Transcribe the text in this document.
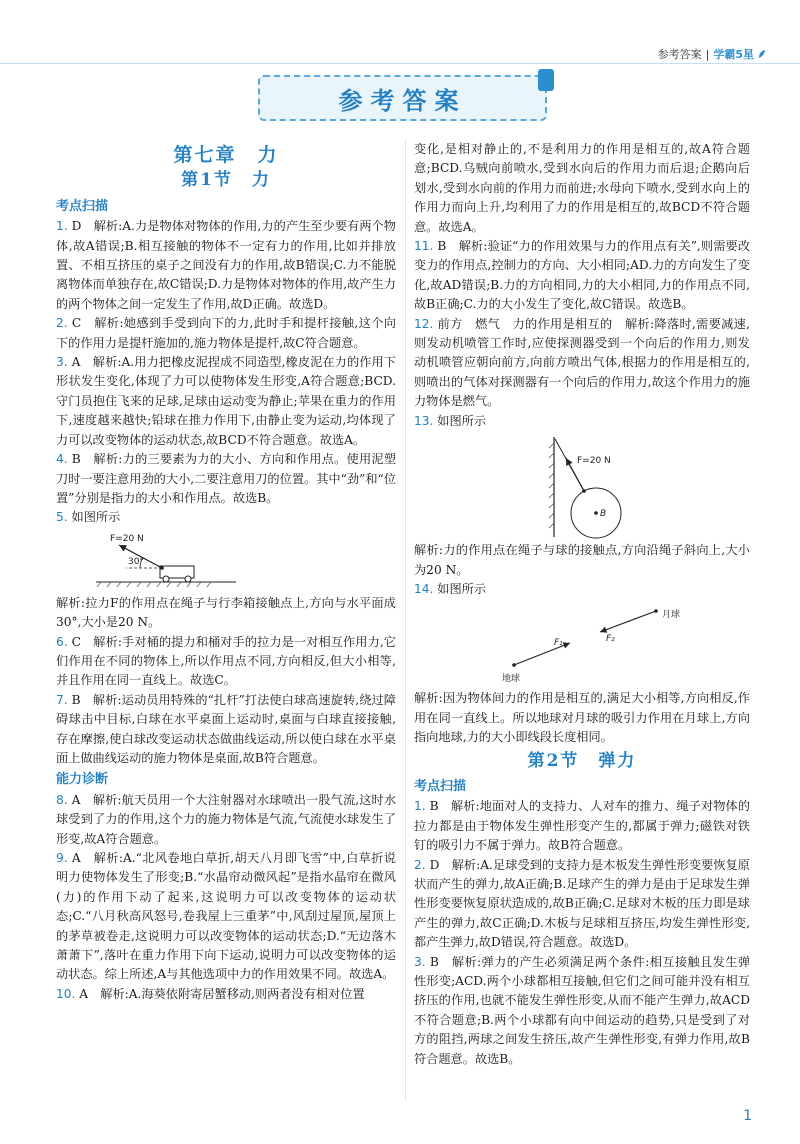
参考答案 | 学霸5星
参考答案
第七章　力
第1节　力
考点扫描

1. D　解析:A.力是物体对物体的作用,力的产生至少要有两个物体,故A错误;B.相互接触的物体不一定有力的作用,比如并排放置、不相互挤压的桌子之间没有力的作用,故B错误;C.力不能脱离物体而单独存在,故C错误;D.力是物体对物体的作用,故产生力的两个物体之间一定发生了作用,故D正确。故选D。

2. C　解析:她感到手受到向下的力,此时手和提杆接触,这个向下的作用力是提杆施加的,施力物体是提杆,故C符合题意。

3. A　解析:A.用力把橡皮泥捏成不同造型,橡皮泥在力的作用下形状发生变化,体现了力可以使物体发生形变,A符合题意;BCD.守门员抱住飞来的足球,足球由运动变为静止;苹果在重力的作用下,速度越来越快;铅球在推力作用下,由静止变为运动,均体现了力可以改变物体的运动状态,故BCD不符合题意。故选A。

4. B　解析:力的三要素为力的大小、方向和作用点。使用泥塑刀时一要注意用劲的大小,二要注意用刀的位置。其中“劲”和“位置”分别是指力的大小和作用点。故选B。

5. 如图所示

F=20 N
30°

解析:拉力F的作用点在绳子与行李箱接触点上,方向与水平面成30°,大小是20 N。

6. C　解析:手对桶的提力和桶对手的拉力是一对相互作用力,它们作用在不同的物体上,所以作用点不同,方向相反,但大小相等,并且作用在同一直线上。故选C。

7. B　解析:运动员用特殊的“扎杆”打法使白球高速旋转,绕过障碍球击中目标,白球在水平桌面上运动时,桌面与白球直接接触,存在摩擦,使白球改变运动状态做曲线运动,所以使白球在水平桌面上做曲线运动的施力物体是桌面,故B符合题意。

能力诊断

8. A　解析:航天员用一个大注射器对水球喷出一股气流,这时水球受到了力的作用,这个力的施力物体是气流,气流使水球发生了形变,故A符合题意。

9. A　解析:A.“北风卷地白草折,胡天八月即飞雪”中,白草折说明力使物体发生了形变;B.“水晶帘动微风起”是指水晶帘在微风(力)的作用下动了起来,这说明力可以改变物体的运动状态;C.“八月秋高风怒号,卷我屋上三重茅”中,风刮过屋顶,屋顶上的茅草被卷走,这说明力可以改变物体的运动状态;D.“无边落木萧萧下”,落叶在重力作用下向下运动,说明力可以改变物体的运动状态。综上所述,A与其他选项中力的作用效果不同。故选A。

10. A　解析:A.海葵依附寄居蟹移动,则两者没有相对位置

变化,是相对静止的,不是利用力的作用是相互的,故A符合题意;BCD.乌贼向前喷水,受到水向后的作用力而后退;企鹅向后划水,受到水向前的作用力而前进;水母向下喷水,受到水向上的作用力而向上升,均利用了力的作用是相互的,故BCD不符合题意。故选A。

11. B　解析:验证“力的作用效果与力的作用点有关”,则需要改变力的作用点,控制力的方向、大小相同;AD.力的方向发生了变化,故AD错误;B.力的方向相同,力的大小相同,力的作用点不同,故B正确;C.力的大小发生了变化,故C错误。故选B。

12. 前方　燃气　力的作用是相互的　解析:降落时,需要减速,则发动机喷管工作时,应使探测器受到一个向后的作用力,则发动机喷管应朝向前方,向前方喷出气体,根据力的作用是相互的,则喷出的气体对探测器有一个向后的作用力,故这个作用力的施力物体是燃气。

13. 如图所示

F=20 N
B

解析:力的作用点在绳子与球的接触点,方向沿绳子斜向上,大小为20 N。

14. 如图所示

地球
月球
F₁	F₂

解析:因为物体间力的作用是相互的,满足大小相等,方向相反,作用在同一直线上。所以地球对月球的吸引力作用在月球上,方向指向地球,力的大小即线段长度相同。

第2节　弹力
考点扫描

1. B　解析:地面对人的支持力、人对车的推力、绳子对物体的拉力都是由于物体发生弹性形变产生的,都属于弹力;磁铁对铁钉的吸引力不属于弹力。故B符合题意。

2. D　解析:A.足球受到的支持力是木板发生弹性形变要恢复原状而产生的弹力,故A正确;B.足球产生的弹力是由于足球发生弹性形变要恢复原状造成的,故B正确;C.足球对木板的压力即是球产生的弹力,故C正确;D.木板与足球相互挤压,均发生弹性形变,都产生弹力,故D错误,符合题意。故选D。

3. B　解析:弹力的产生必须满足两个条件:相互接触且发生弹性形变;ACD.两个小球都相互接触,但它们之间可能并没有相互挤压的作用,也就不能发生弹性形变,从而不能产生弹力,故ACD不符合题意;B.两个小球都有向中间运动的趋势,只是受到了对方的阻挡,两球之间发生挤压,故产生弹性形变,有弹力作用,故B符合题意。故选B。

1
